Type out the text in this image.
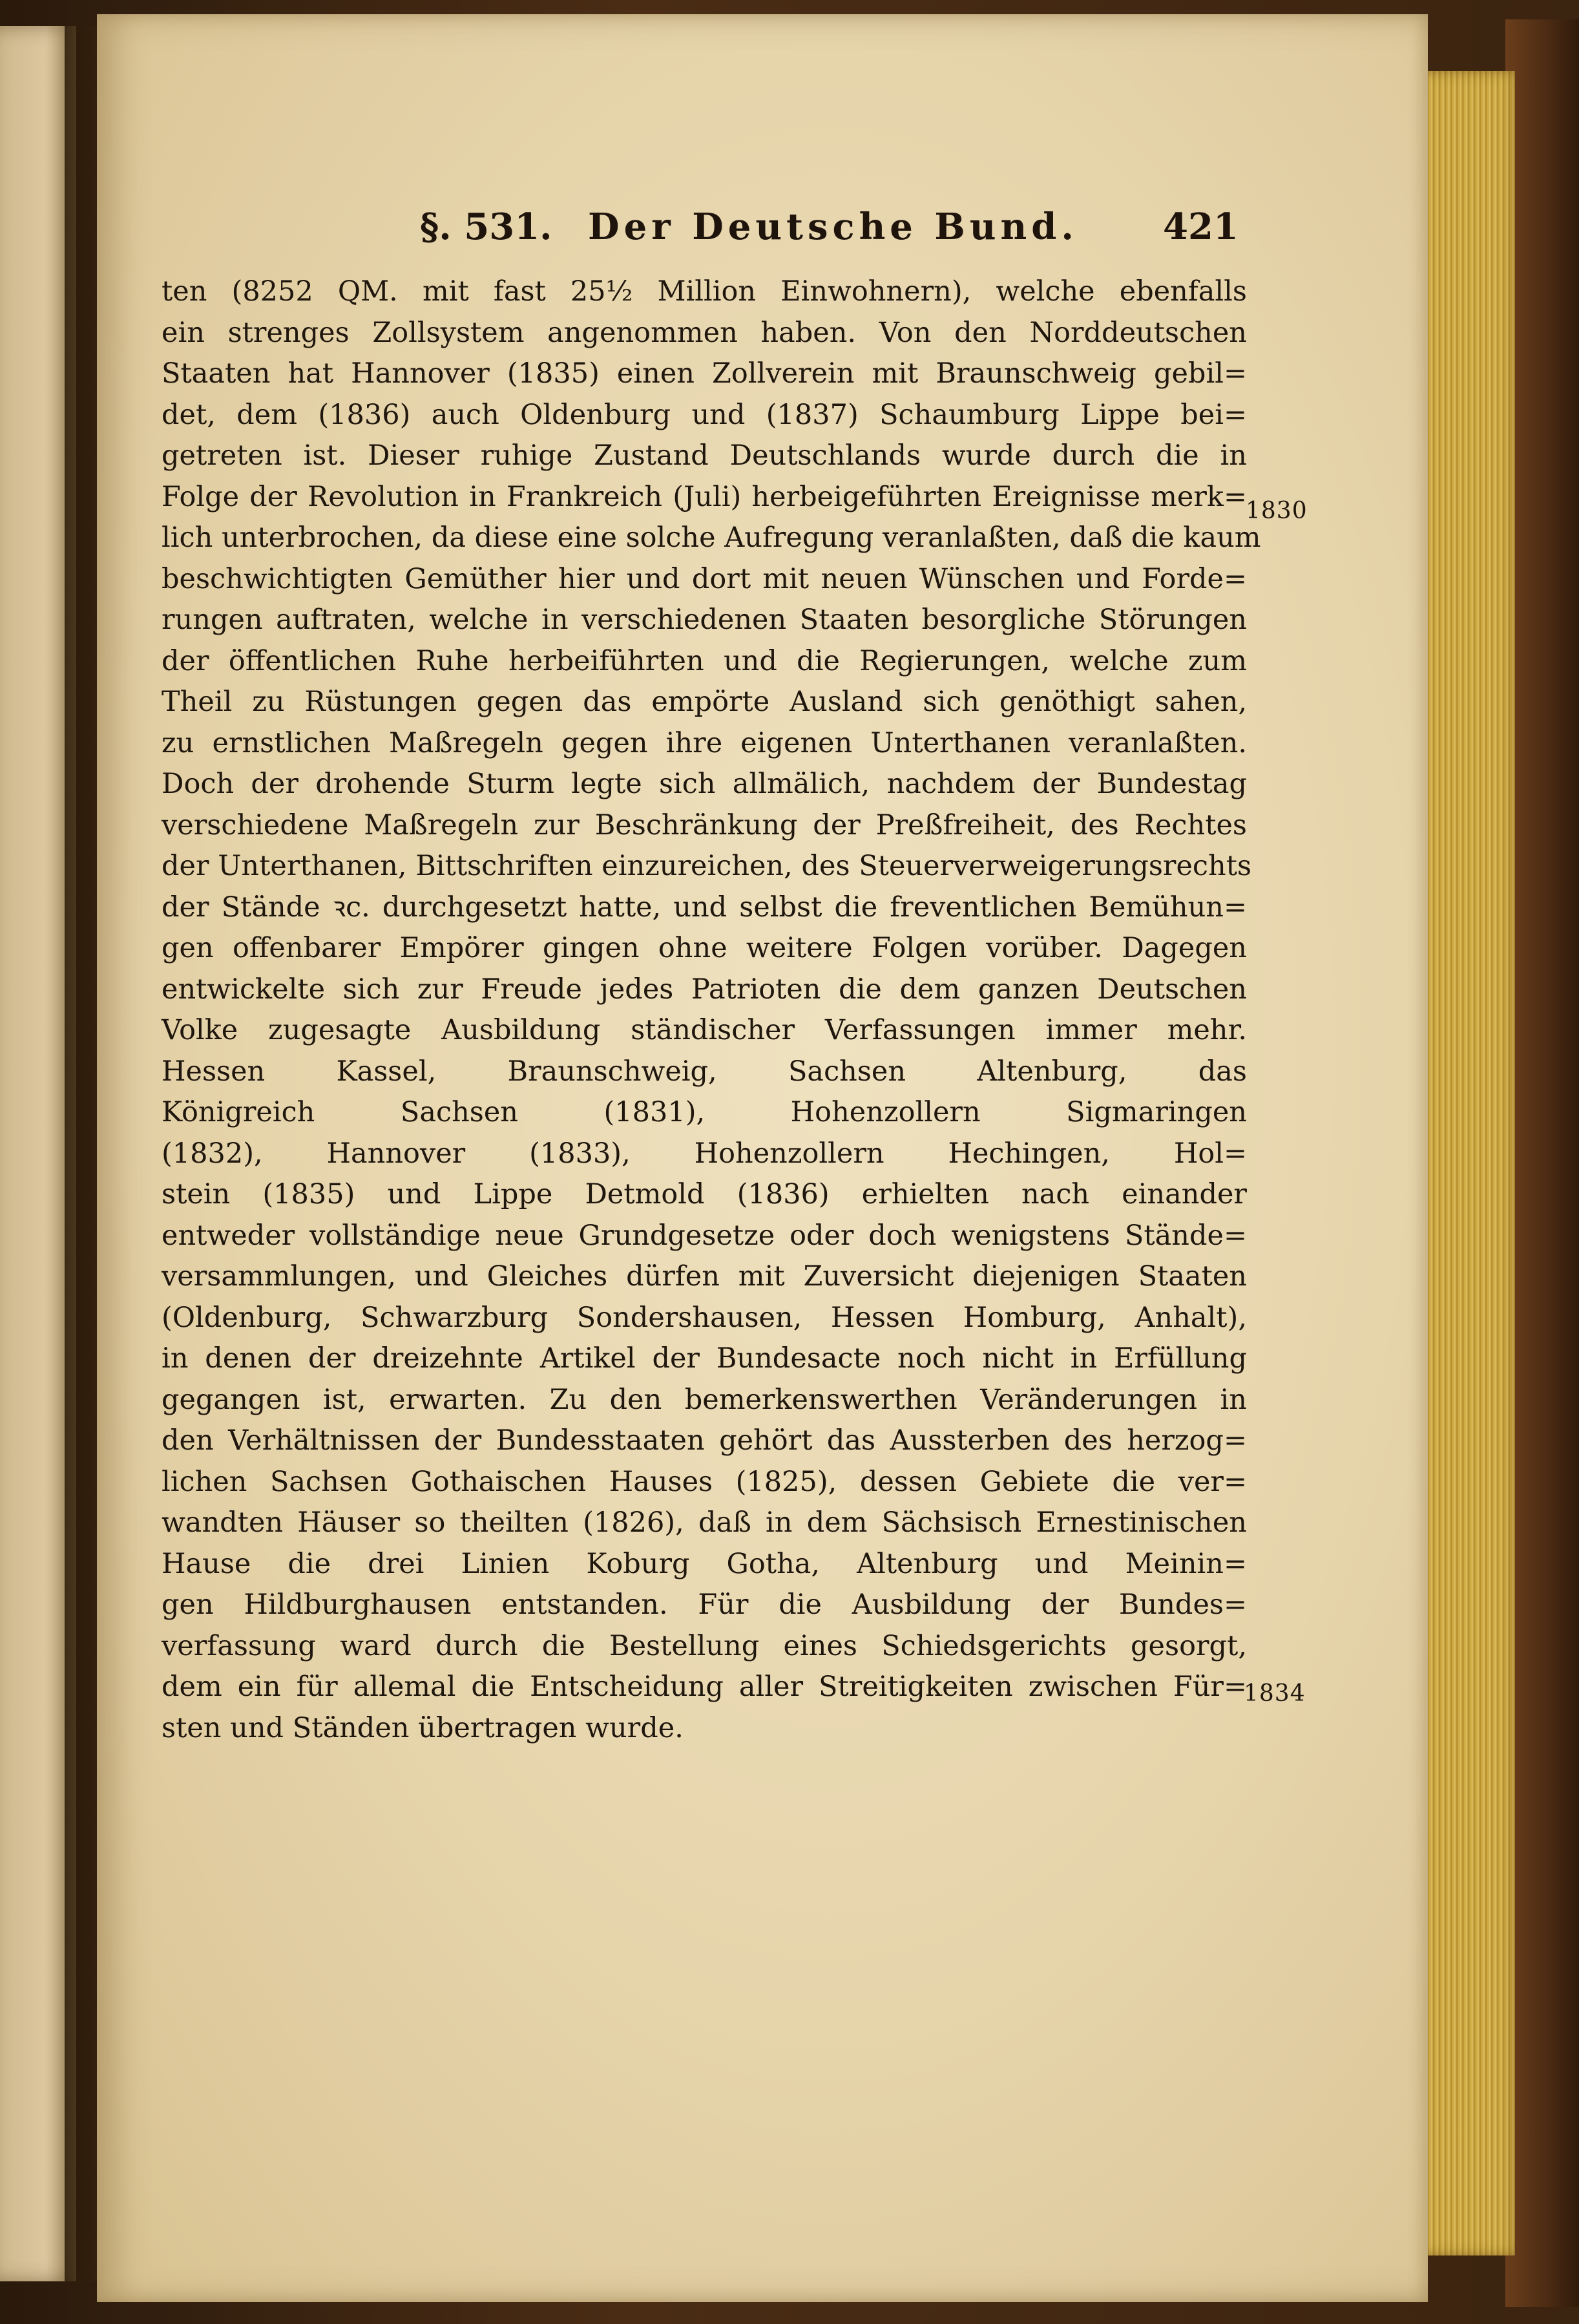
§. 531. Der Deutsche Bund. 421
ten (8252 QM. mit fast 25½ Million Einwohnern), welche ebenfalls
ein strenges Zollsystem angenommen haben. Von den Norddeutschen
Staaten hat Hannover (1835) einen Zollverein mit Braunschweig gebil=
det, dem (1836) auch Oldenburg und (1837) Schaumburg Lippe bei=
getreten ist. Dieser ruhige Zustand Deutschlands wurde durch die in
Folge der Revolution in Frankreich (Juli) herbeigeführten Ereignisse merk=
lich unterbrochen, da diese eine solche Aufregung veranlaßten, daß die kaum
beschwichtigten Gemüther hier und dort mit neuen Wünschen und Forde=
rungen auftraten, welche in verschiedenen Staaten besorgliche Störungen
der öffentlichen Ruhe herbeiführten und die Regierungen, welche zum
Theil zu Rüstungen gegen das empörte Ausland sich genöthigt sahen,
zu ernstlichen Maßregeln gegen ihre eigenen Unterthanen veranlaßten.
Doch der drohende Sturm legte sich allmälich, nachdem der Bundestag
verschiedene Maßregeln zur Beschränkung der Preßfreiheit, des Rechtes
der Unterthanen, Bittschriften einzureichen, des Steuerverweigerungsrechts
der Stände ꝛc. durchgesetzt hatte, und selbst die freventlichen Bemühun=
gen offenbarer Empörer gingen ohne weitere Folgen vorüber. Dagegen
entwickelte sich zur Freude jedes Patrioten die dem ganzen Deutschen
Volke zugesagte Ausbildung ständischer Verfassungen immer mehr.
Hessen Kassel, Braunschweig, Sachsen Altenburg, das
Königreich Sachsen (1831), Hohenzollern Sigmaringen
(1832), Hannover (1833), Hohenzollern Hechingen, Hol=
stein (1835) und Lippe Detmold (1836) erhielten nach einander
entweder vollständige neue Grundgesetze oder doch wenigstens Stände=
versammlungen, und Gleiches dürfen mit Zuversicht diejenigen Staaten
(Oldenburg, Schwarzburg Sondershausen, Hessen Homburg, Anhalt),
in denen der dreizehnte Artikel der Bundesacte noch nicht in Erfüllung
gegangen ist, erwarten. Zu den bemerkenswerthen Veränderungen in
den Verhältnissen der Bundesstaaten gehört das Aussterben des herzog=
lichen Sachsen Gothaischen Hauses (1825), dessen Gebiete die ver=
wandten Häuser so theilten (1826), daß in dem Sächsisch Ernestinischen
Hause die drei Linien Koburg Gotha, Altenburg und Meinin=
gen Hildburghausen entstanden. Für die Ausbildung der Bundes=
verfassung ward durch die Bestellung eines Schiedsgerichts gesorgt,
dem ein für allemal die Entscheidung aller Streitigkeiten zwischen Für=
sten und Ständen übertragen wurde.
1830
1834
